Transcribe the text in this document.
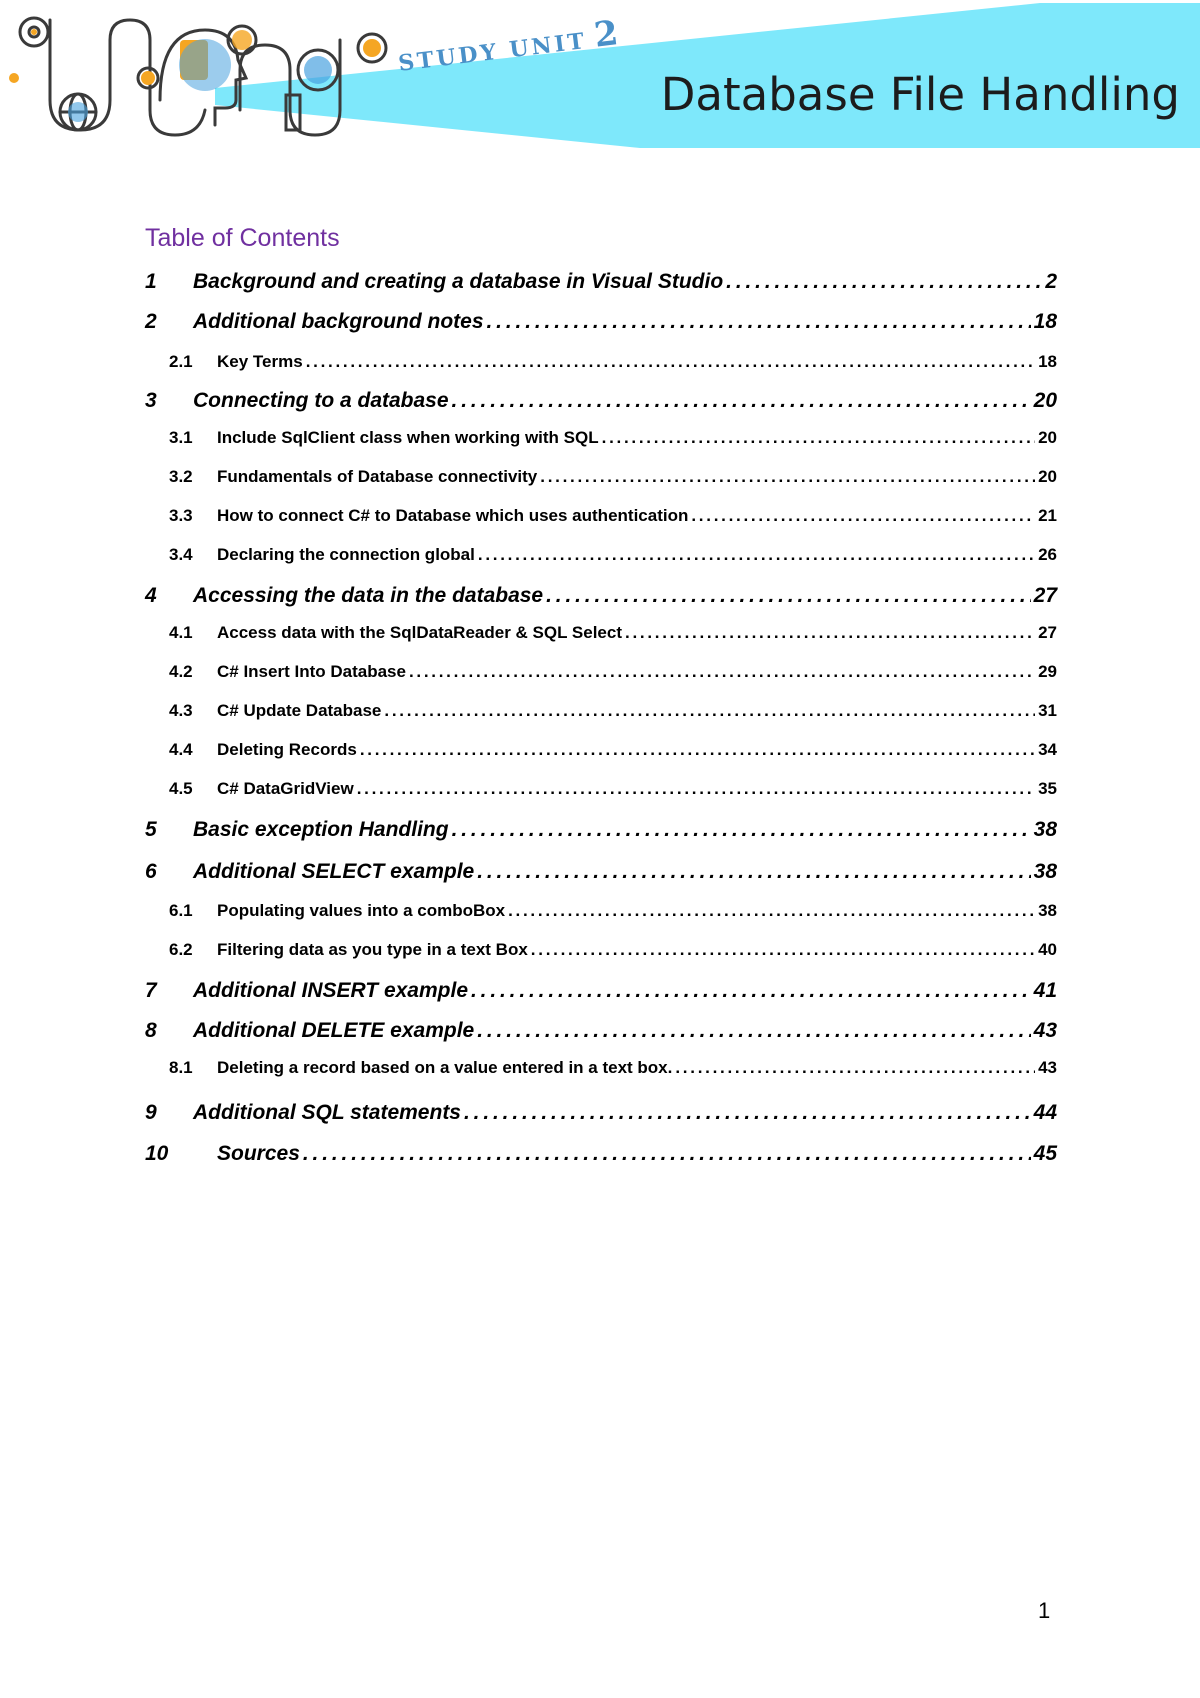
STUDY UNIT 2
Database File Handling
Table of Contents
1	Background and creating a database in Visual Studio . . .	2
2	Additional background notes . . .	18
2.1	Key Terms . . .	18
3	Connecting to a database . . .	20
3.1	Include SqlClient class when working with SQL . . .	20
3.2	Fundamentals of Database connectivity . . .	20
3.3	How to connect C# to Database which uses authentication . . .	21
3.4	Declaring the connection global . . .	26
4	Accessing the data in the database . . .	27
4.1	Access data with the SqlDataReader & SQL Select . . .	27
4.2	C# Insert Into Database . . .	29
4.3	C# Update Database . . .	31
4.4	Deleting Records . . .	34
4.5	C# DataGridView . . .	35
5	Basic exception Handling . . .	38
6	Additional SELECT example . . .	38
6.1	Populating values into a comboBox . . .	38
6.2	Filtering data as you type in a text Box . . .	40
7	Additional INSERT example . . .	41
8	Additional DELETE example . . .	43
8.1	Deleting a record based on a value entered in a text box. . . .	43
9	Additional SQL statements . . .	44
10	Sources . . .	45
1
